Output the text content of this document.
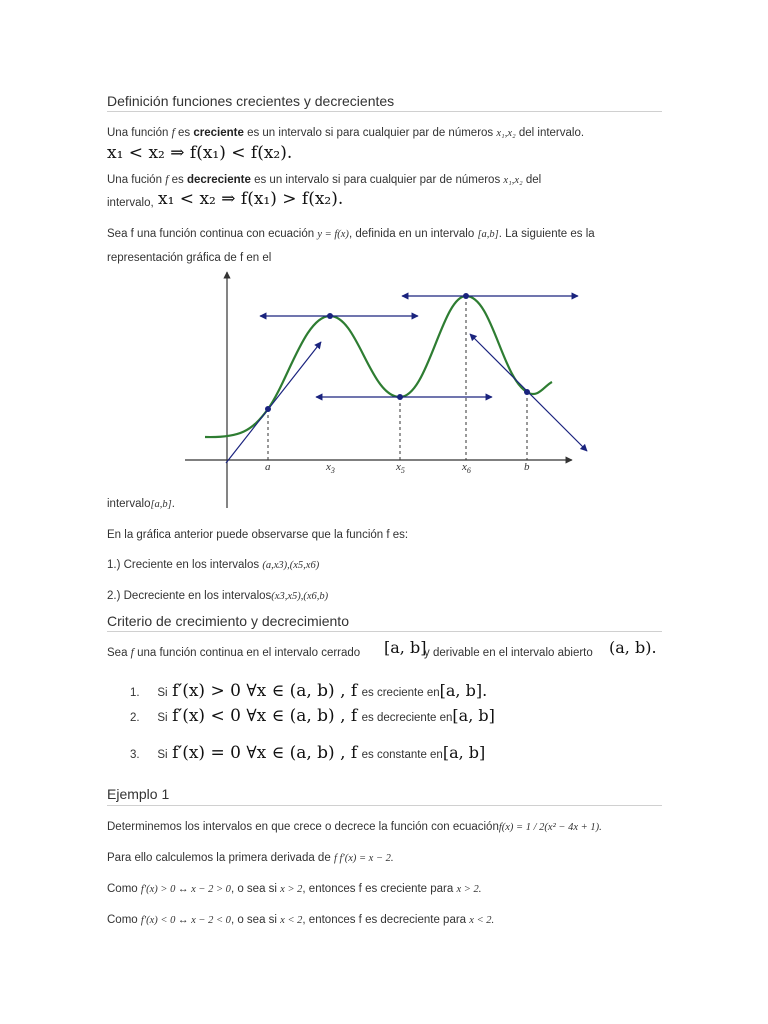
Definición funciones crecientes y decrecientes
Una función f es creciente es un intervalo si para cualquier par de números x₁,x₂ del intervalo.
x₁ < x₂ ⇒ f(x₁) < f(x₂).
Una fución f es decreciente es un intervalo si para cualquier par de números x₁,x₂ del
intervalo, x₁ < x₂ ⇒ f(x₁) > f(x₂).
Sea f una función continua con ecuación y = f(x), definida en un intervalo [a,b]. La siguiente es la
representación gráfica de f en el
a	$x_3$	$x_5$	$x_6$	b
intervalo[a,b].
En la gráfica anterior puede observarse que la función f es:
1.) Creciente en los intervalos (a,x3),(x5,x6)
2.) Decreciente en los intervalos(x3,x5),(x6,b)
Criterio de crecimiento y decrecimiento
Sea f una función continua en el intervalo cerrado [a, b]
y derivable en el intervalo abierto (a, b).
1. Si f′(x) > 0 ∀x ∈ (a, b) , f es creciente en[a, b].
2. Si f′(x) < 0 ∀x ∈ (a, b) , f es decreciente en[a, b]
3. Si f′(x) = 0 ∀x ∈ (a, b) , f es constante en[a, b]
Ejemplo 1
Determinemos los intervalos en que crece o decrece la función con ecuaciónf(x) = 1 / 2(x² − 4x + 1).
Para ello calculemos la primera derivada de f f′(x) = x − 2.
Como f′(x) > 0 ↔ x − 2 > 0, o sea si x > 2, entonces f es creciente para x > 2.
Como f′(x) < 0 ↔ x − 2 < 0, o sea si x < 2, entonces f es decreciente para x < 2.
